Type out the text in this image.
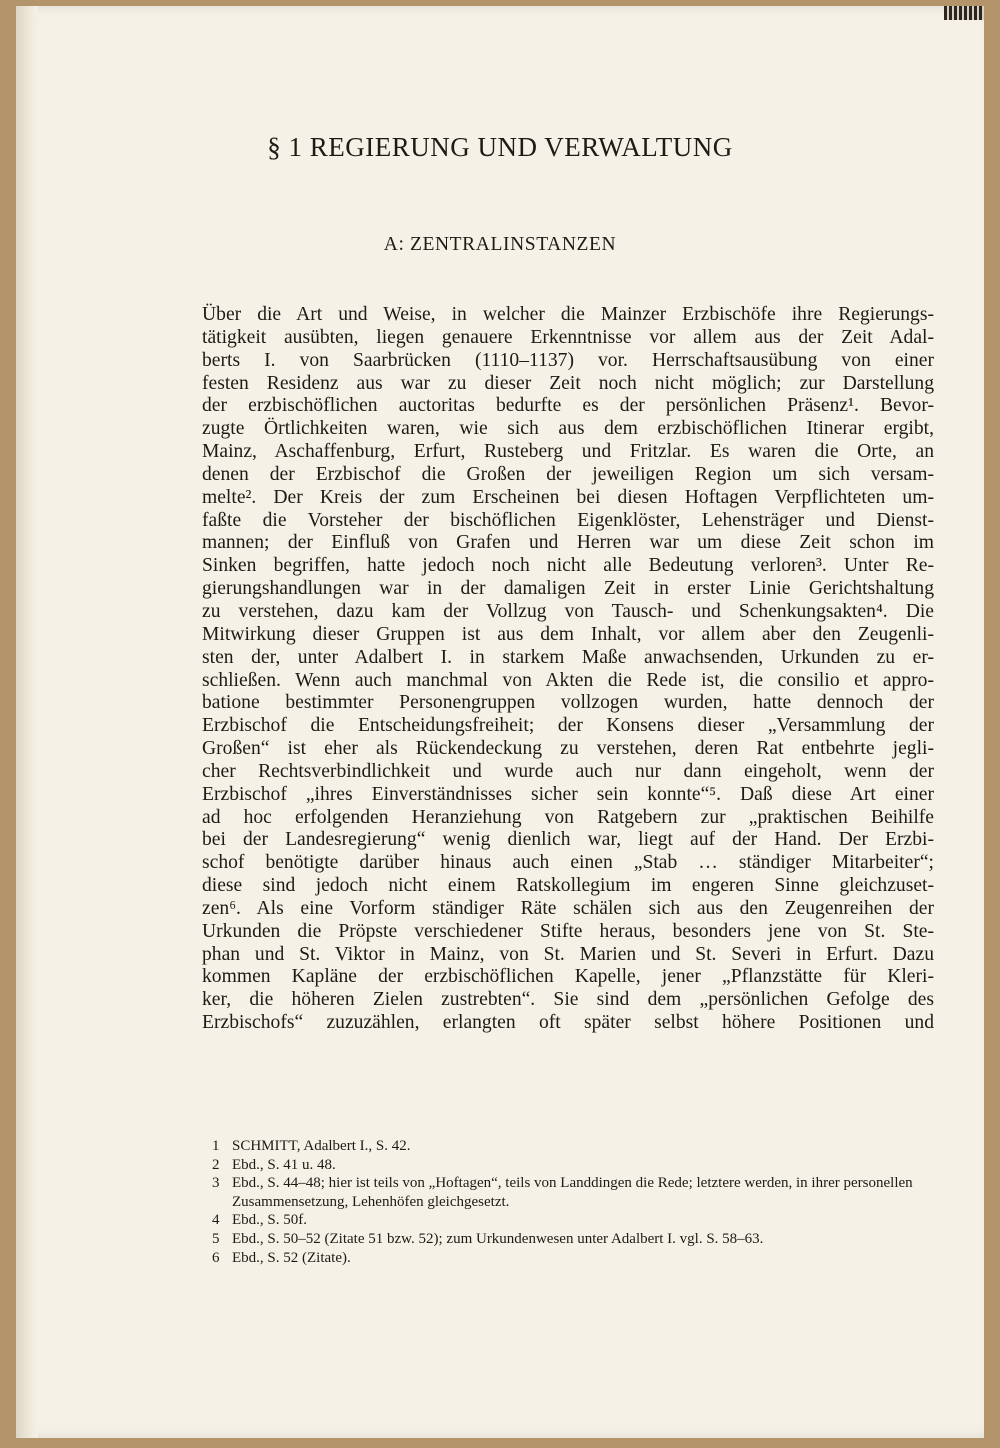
§ 1 REGIERUNG UND VERWALTUNG
A: ZENTRALINSTANZEN
Über die Art und Weise, in welcher die Mainzer Erzbischöfe ihre Regierungs-
tätigkeit ausübten, liegen genauere Erkenntnisse vor allem aus der Zeit Adal-
berts I. von Saarbrücken (1110–1137) vor. Herrschaftsausübung von einer
festen Residenz aus war zu dieser Zeit noch nicht möglich; zur Darstellung
der erzbischöflichen auctoritas bedurfte es der persönlichen Präsenz¹. Bevor-
zugte Örtlichkeiten waren, wie sich aus dem erzbischöflichen Itinerar ergibt,
Mainz, Aschaffenburg, Erfurt, Rusteberg und Fritzlar. Es waren die Orte, an
denen der Erzbischof die Großen der jeweiligen Region um sich versam-
melte². Der Kreis der zum Erscheinen bei diesen Hoftagen Verpflichteten um-
faßte die Vorsteher der bischöflichen Eigenklöster, Lehensträger und Dienst-
mannen; der Einfluß von Grafen und Herren war um diese Zeit schon im
Sinken begriffen, hatte jedoch noch nicht alle Bedeutung verloren³. Unter Re-
gierungshandlungen war in der damaligen Zeit in erster Linie Gerichtshaltung
zu verstehen, dazu kam der Vollzug von Tausch- und Schenkungsakten⁴. Die
Mitwirkung dieser Gruppen ist aus dem Inhalt, vor allem aber den Zeugenli-
sten der, unter Adalbert I. in starkem Maße anwachsenden, Urkunden zu er-
schließen. Wenn auch manchmal von Akten die Rede ist, die consilio et appro-
batione bestimmter Personengruppen vollzogen wurden, hatte dennoch der
Erzbischof die Entscheidungsfreiheit; der Konsens dieser „Versammlung der
Großen“ ist eher als Rückendeckung zu verstehen, deren Rat entbehrte jegli-
cher Rechtsverbindlichkeit und wurde auch nur dann eingeholt, wenn der
Erzbischof „ihres Einverständnisses sicher sein konnte“⁵. Daß diese Art einer
ad hoc erfolgenden Heranziehung von Ratgebern zur „praktischen Beihilfe
bei der Landesregierung“ wenig dienlich war, liegt auf der Hand. Der Erzbi-
schof benötigte darüber hinaus auch einen „Stab … ständiger Mitarbeiter“;
diese sind jedoch nicht einem Ratskollegium im engeren Sinne gleichzuset-
zen⁶. Als eine Vorform ständiger Räte schälen sich aus den Zeugenreihen der
Urkunden die Pröpste verschiedener Stifte heraus, besonders jene von St. Ste-
phan und St. Viktor in Mainz, von St. Marien und St. Severi in Erfurt. Dazu
kommen Kapläne der erzbischöflichen Kapelle, jener „Pflanzstätte für Kleri-
ker, die höheren Zielen zustrebten“. Sie sind dem „persönlichen Gefolge des
Erzbischofs“ zuzuzählen, erlangten oft später selbst höhere Positionen und
1 SCHMITT, Adalbert I., S. 42.
2 Ebd., S. 41 u. 48.
3 Ebd., S. 44–48; hier ist teils von „Hoftagen“, teils von Landdingen die Rede; letztere werden, in ihrer personellen Zusammensetzung, Lehenhöfen gleichgesetzt.
4 Ebd., S. 50f.
5 Ebd., S. 50–52 (Zitate 51 bzw. 52); zum Urkundenwesen unter Adalbert I. vgl. S. 58–63.
6 Ebd., S. 52 (Zitate).
